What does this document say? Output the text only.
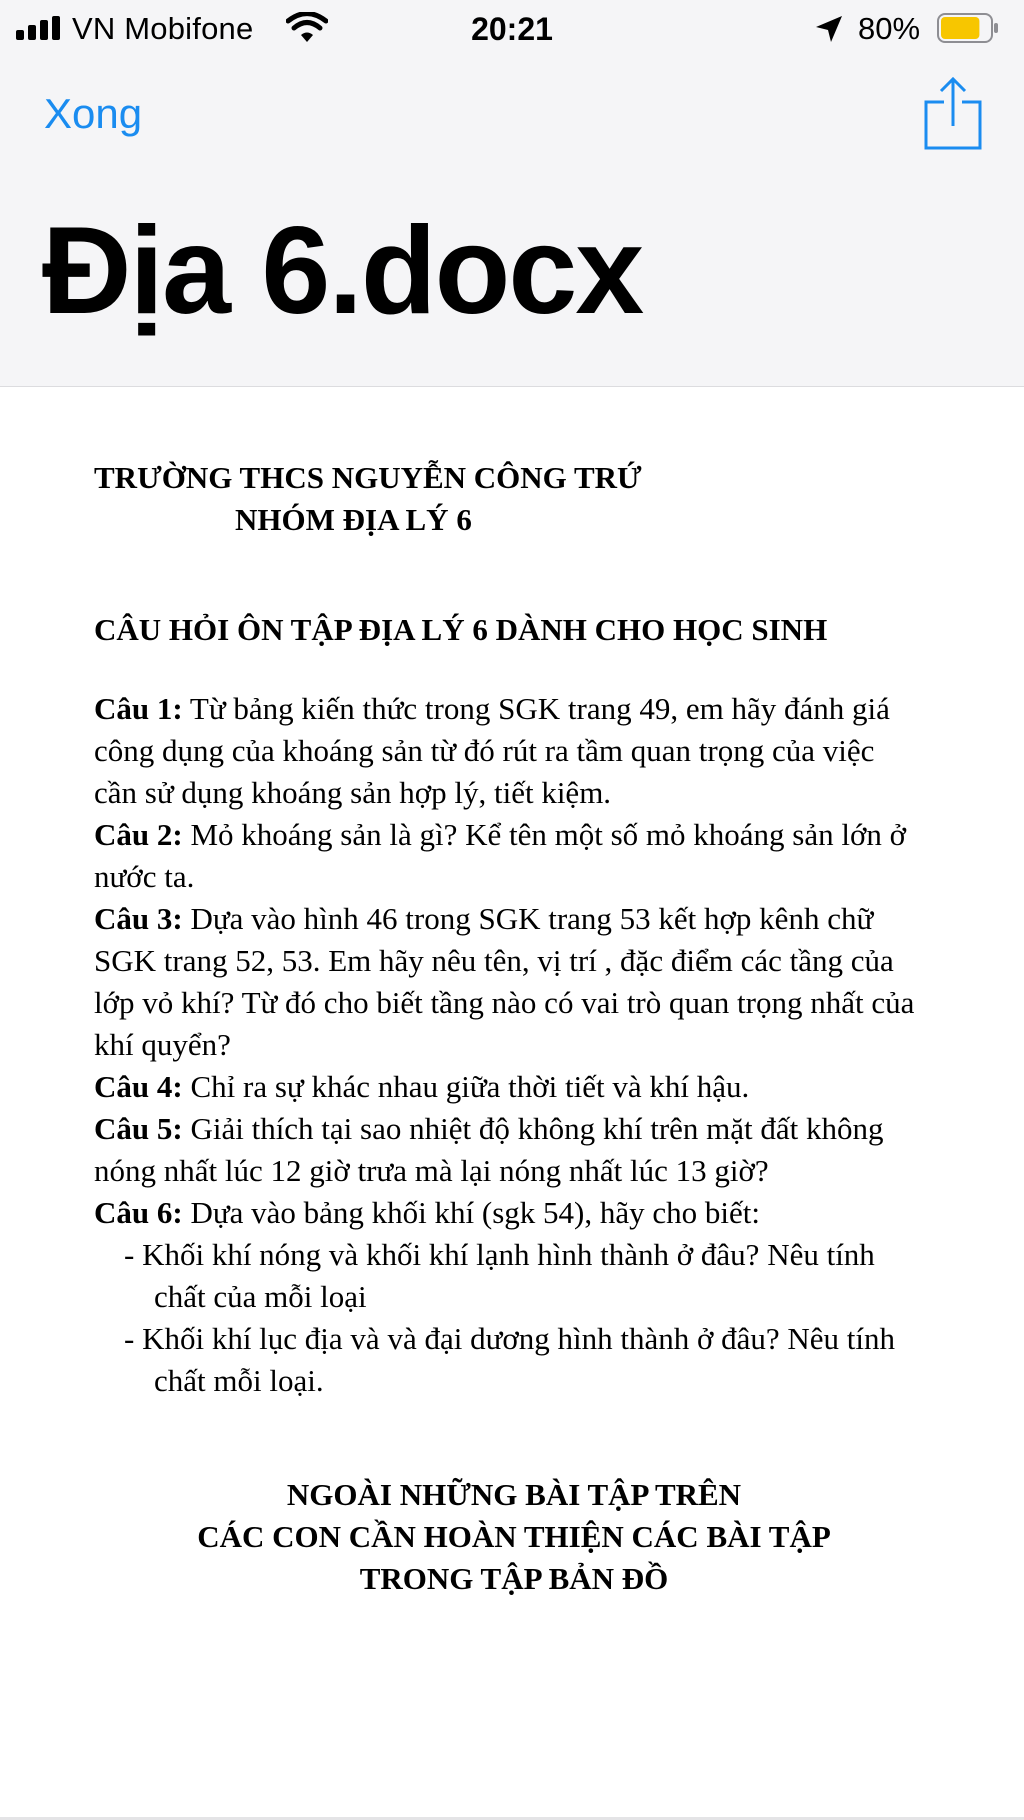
VN Mobifone	20:21	80%
Xong
Địa 6.docx
TRƯỜNG THCS NGUYỄN CÔNG TRỨ
NHÓM ĐỊA LÝ 6
CÂU HỎI ÔN TẬP ĐỊA LÝ 6 DÀNH CHO HỌC SINH

Câu 1: Từ bảng kiến thức trong SGK trang 49, em hãy đánh giá công dụng của khoáng sản từ đó rút ra tầm quan trọng của việc cần sử dụng khoáng sản hợp lý, tiết kiệm.

Câu 2: Mỏ khoáng sản là gì? Kể tên một số mỏ khoáng sản lớn ở nước ta.

Câu 3: Dựa vào hình 46 trong SGK trang 53 kết hợp kênh chữ SGK trang 52, 53. Em hãy nêu tên, vị trí , đặc điểm các tầng của lớp vỏ khí? Từ đó cho biết tầng nào có vai trò quan trọng nhất của khí quyển?

Câu 4: Chỉ ra sự khác nhau giữa thời tiết và khí hậu.

Câu 5: Giải thích tại sao nhiệt độ không khí trên mặt đất không nóng nhất lúc 12 giờ trưa mà lại nóng nhất lúc 13 giờ?

Câu 6: Dựa vào bảng khối khí (sgk 54), hãy cho biết:

- Khối khí nóng và khối khí lạnh hình thành ở đâu? Nêu tính chất của mỗi loại
- Khối khí lục địa và và đại dương hình thành ở đâu? Nêu tính chất mỗi loại.
NGOÀI NHỮNG BÀI TẬP TRÊN
CÁC CON CẦN HOÀN THIỆN CÁC BÀI TẬP
TRONG TẬP BẢN ĐỒ
